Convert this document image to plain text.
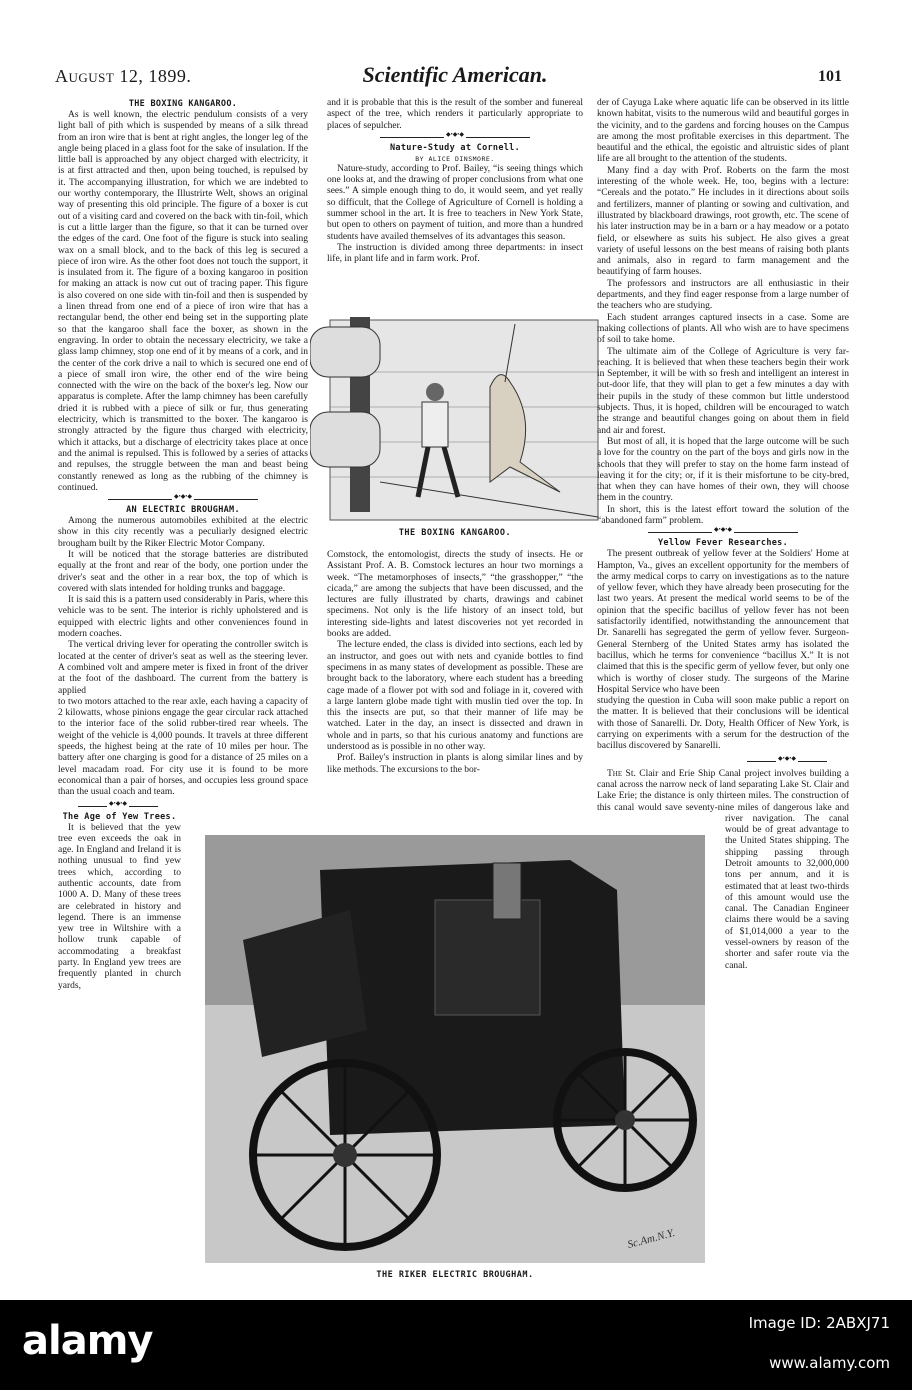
August 12, 1899.	Scientific American.	101
THE BOXING KANGAROO.

As is well known, the electric pendulum consists of a very light ball of pith which is suspended by means of a silk thread from an iron wire that is bent at right angles, the longer leg of the angle being placed in a glass foot for the sake of insulation. If the little ball is approached by any object charged with electricity, it is at first attracted and then, upon being touched, is repulsed by it. The accompanying illustration, for which we are indebted to our worthy contemporary, the Illustrirte Welt, shows an original way of presenting this old principle. The figure of a boxer is cut out of a visiting card and covered on the back with tin-foil, which is cut a little larger than the figure, so that it can be turned over the edges of the card. One foot of the figure is stuck into sealing wax on a small block, and to the back of this leg is secured a piece of iron wire. As the other foot does not touch the support, it is insulated from it. The figure of a boxing kangaroo in position for making an attack is now cut out of tracing paper. This figure is also covered on one side with tin-foil and then is suspended by a linen thread from one end of a piece of iron wire that has a rectangular bend, the other end being set in the supporting plate so that the kangaroo shall face the boxer, as shown in the engraving. In order to obtain the necessary electricity, we take a glass lamp chimney, stop one end of it by means of a cork, and in the center of the cork drive a nail to which is secured one end of a piece of small iron wire, the other end of the wire being connected with the wire on the back of the boxer's leg. Now our apparatus is complete. After the lamp chimney has been carefully dried it is rubbed with a piece of silk or fur, thus generating electricity, which is transmitted to the boxer. The kangaroo is strongly attracted by the figure thus charged with electricity, which it attacks, but a discharge of electricity takes place at once and the animal is repulsed. This is followed by a series of attacks and repulses, the struggle between the man and beast being constantly renewed as long as the rubbing of the chimney is continued.

◆•◆•◆
AN ELECTRIC BROUGHAM.

Among the numerous automobiles exhibited at the electric show in this city recently was a peculiarly designed electric brougham built by the Riker Electric Motor Company.

It will be noticed that the storage batteries are distributed equally at the front and rear of the body, one portion under the driver's seat and the other in a rear box, the top of which is covered with slats intended for holding trunks and baggage.

It is said this is a pattern used considerably in Paris, where this vehicle was to be sent. The interior is richly upholstered and is equipped with electric lights and other conveniences found in modern coaches.

The vertical driving lever for operating the controller switch is located at the center of driver's seat as well as the steering lever. A combined volt and ampere meter is fixed in front of the driver at the foot of the dashboard. The current from the battery is applied

to two motors attached to the rear axle, each having a capacity of 2 kilowatts, whose pinions engage the gear circular rack attached to the interior face of the solid rubber-tired rear wheels. The weight of the vehicle is 4,000 pounds. It travels at three different speeds, the highest being at the rate of 10 miles per hour. The battery after one charging is good for a distance of 25 miles on a level macadam road. For city use it is found to be more economical than a pair of horses, and occupies less ground space than the usual coach and team.

◆•◆•◆
The Age of Yew Trees.

It is believed that the yew tree even exceeds the oak in age. In England and Ireland it is nothing unusual to find yew trees which, according to authentic accounts, date from 1000 A. D. Many of these trees are celebrated in history and legend. There is an immense yew tree in Wiltshire with a hollow trunk capable of accommodating a breakfast party. In England yew trees are frequently planted in church yards,

and it is probable that this is the result of the somber and funereal aspect of the tree, which renders it particularly appropriate to places of sepulcher.

◆•◆•◆
Nature-Study at Cornell.
BY ALICE DINSMORE.

Nature-study, according to Prof. Bailey, “is seeing things which one looks at, and the drawing of proper conclusions from what one sees.” A simple enough thing to do, it would seem, and yet really so difficult, that the College of Agriculture of Cornell is holding a summer school in the art. It is free to teachers in New York State, but open to others on payment of tuition, and more than a hundred students have availed themselves of its advantages this season.

The instruction is divided among three departments: in insect life, in plant life and in farm work. Prof.

THE BOXING KANGAROO.

Comstock, the entomologist, directs the study of insects. He or Assistant Prof. A. B. Comstock lectures an hour two mornings a week. “The metamorphoses of insects,” “the grasshopper,” “the cicada,” are among the subjects that have been discussed, and the lectures are fully illustrated by charts, drawings and cabinet specimens. Not only is the life history of an insect told, but interesting side-lights and latest discoveries not yet recorded in books are added.

The lecture ended, the class is divided into sections, each led by an instructor, and goes out with nets and cyanide bottles to find specimens in as many states of development as possible. These are brought back to the laboratory, where each student has a breeding cage made of a flower pot with sod and foliage in it, covered with a large lantern globe made tight with muslin tied over the top. In this the insects are put, so that their manner of life may be watched. Later in the day, an insect is dissected and drawn in whole and in parts, so that his curious anatomy and functions are understood as is possible in no other way.

Prof. Bailey's instruction in plants is along similar lines and by like methods. The excursions to the bor-

der of Cayuga Lake where aquatic life can be observed in its little known habitat, visits to the numerous wild and beautiful gorges in the vicinity, and to the gardens and forcing houses on the Campus are among the most profitable exercises in this department. The beautiful and the ethical, the egoistic and altruistic sides of plant life are all brought to the attention of the students.

Many find a day with Prof. Roberts on the farm the most interesting of the whole week. He, too, begins with a lecture: “Cereals and the potato.” He includes in it directions about soils and fertilizers, manner of planting or sowing and cultivation, and illustrated by blackboard drawings, root growth, etc. The scene of his later instruction may be in a barn or a hay meadow or a potato field, or elsewhere as suits his subject. He also gives a great variety of useful lessons on the best means of raising both plants and animals, also in regard to farm management and the beautifying of farm houses.

The professors and instructors are all enthusiastic in their departments, and they find eager response from a large number of the teachers who are studying.

Each student arranges captured insects in a case. Some are making collections of plants. All who wish are to have specimens of soil to take home.

The ultimate aim of the College of Agriculture is very far-reaching. It is believed that when these teachers begin their work in September, it will be with so fresh and intelligent an interest in out-door life, that they will plan to get a few minutes a day with their pupils in the study of these common but little understood subjects. Thus, it is hoped, children will be encouraged to watch the strange and beautiful changes going on about them in field and air and forest.

But most of all, it is hoped that the large outcome will be such a love for the country on the part of the boys and girls now in the schools that they will prefer to stay on the home farm instead of leaving it for the city; or, if it is their misfortune to be city-bred, that when they can have homes of their own, they will choose them in the country.

In short, this is the latest effort toward the solution of the “abandoned farm” problem.

◆•◆•◆
Yellow Fever Researches.

The present outbreak of yellow fever at the Soldiers' Home at Hampton, Va., gives an excellent opportunity for the members of the army medical corps to carry on investigations as to the nature of yellow fever, which they have already been prosecuting for the last two years. At present the medical world seems to be of the opinion that the specific bacillus of yellow fever has not been satisfactorily identified, notwithstanding the announcement that Dr. Sanarelli has segregated the germ of yellow fever. Surgeon-General Sternberg of the United States army has isolated the bacillus, which he terms for convenience “bacillus X.” It is not claimed that this is the specific germ of yellow fever, but only one which is worthy of closer study. The surgeons of the Marine Hospital Service who have been

studying the question in Cuba will soon make public a report on the matter. It is believed that their conclusions will be identical with those of Sanarelli. Dr. Doty, Health Officer of New York, is carrying on experiments with a serum for the destruction of the bacillus discovered by Sanarelli.

◆•◆•◆

The St. Clair and Erie Ship Canal project involves building a canal across the narrow neck of land separating Lake St. Clair and Lake Erie; the distance is only thirteen miles. The construction of this canal would save seventy-nine miles of dangerous lake and river navigation. The canal would be of great advantage to the United States shipping. The shipping passing through Detroit amounts to 32,000,000 tons per annum, and it is estimated that at least two-thirds of this amount would use the canal. The Canadian Engineer claims there would be a saving of $1,014,000 a year to the vessel-owners by reason of the shorter and safer route via the canal.

Sc.Am.N.Y.
THE RIKER ELECTRIC BROUGHAM.
alamy	Image ID: 2ABXJ71
www.alamy.com
